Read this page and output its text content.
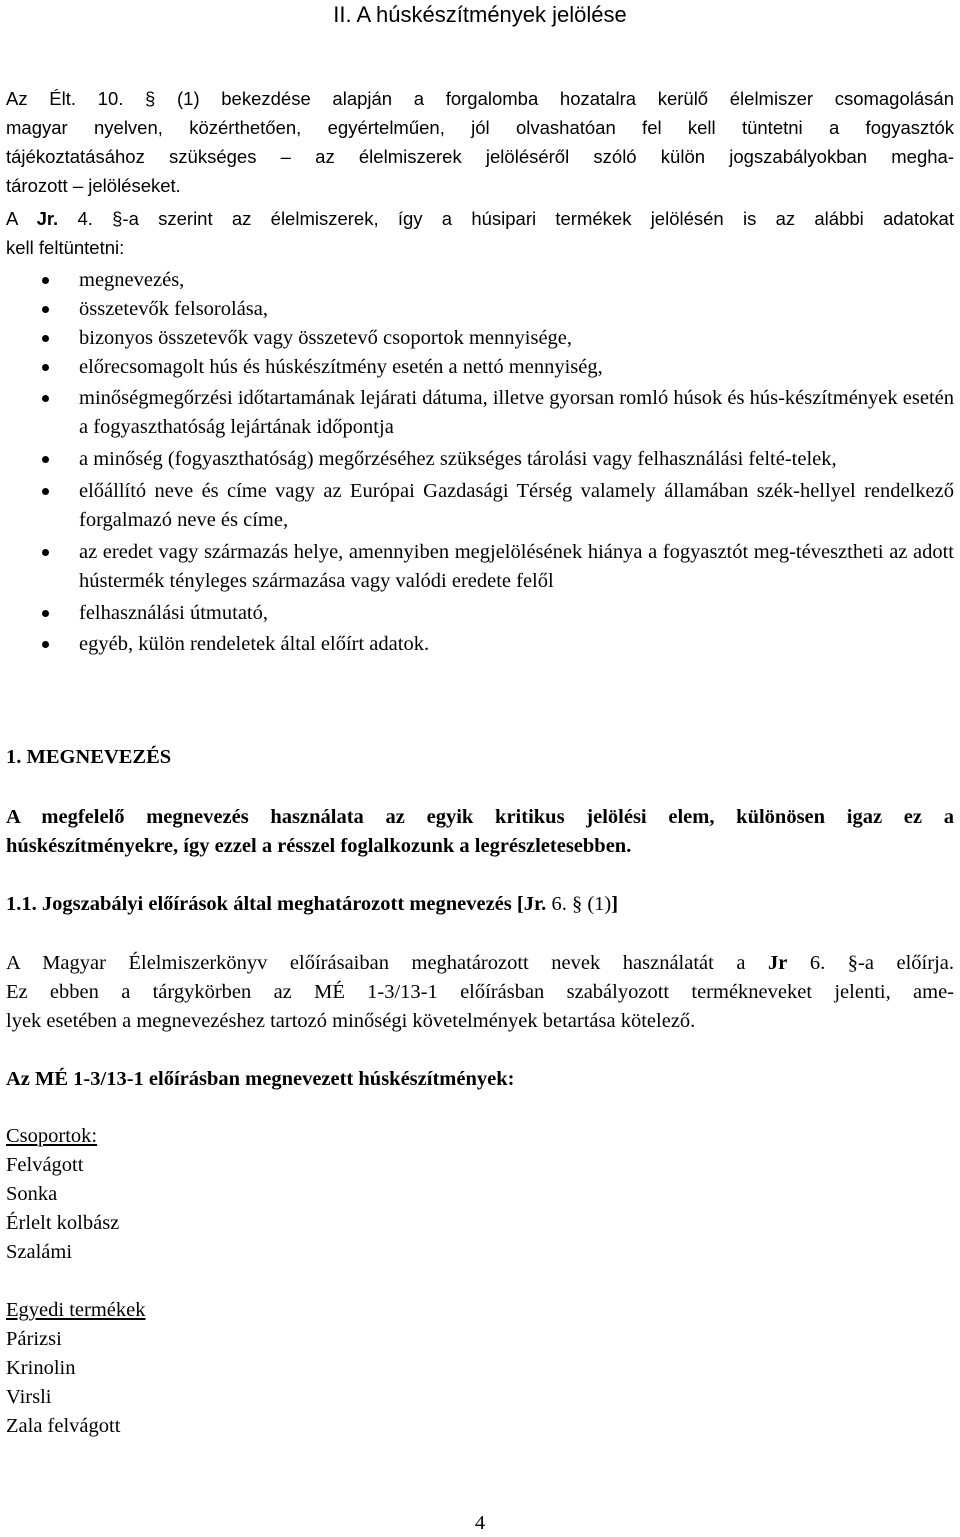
II. A húskészítmények jelölése
Az Élt. 10. § (1) bekezdése alapján a forgalomba hozatalra kerülő élelmiszer csomagolásán
magyar nyelven, közérthetően, egyértelműen, jól olvashatóan fel kell tüntetni a fogyasztók
tájékoztatásához szükséges – az élelmiszerek jelöléséről szóló külön jogszabályokban megha-
tározott – jelöléseket.
A Jr. 4. §-a szerint az élelmiszerek, így a húsipari termékek jelölésén is az alábbi adatokat
kell feltüntetni:
megnevezés,
összetevők felsorolása,
bizonyos összetevők vagy összetevő csoportok mennyisége,
előrecsomagolt hús és húskészítmény esetén a nettó mennyiség,
minőségmegőrzési időtartamának lejárati dátuma, illetve gyorsan romló húsok és hús-készítmények esetén a fogyaszthatóság lejártának időpontja
a minőség (fogyaszthatóság) megőrzéséhez szükséges tárolási vagy felhasználási felté-telek,
előállító neve és címe vagy az Európai Gazdasági Térség valamely államában szék-hellyel rendelkező forgalmazó neve és címe,
az eredet vagy származás helye, amennyiben megjelölésének hiánya a fogyasztót meg-téveszthetі az adott hústermék tényleges származása vagy valódi eredete felől
felhasználási útmutató,
egyéb, külön rendeletek által előírt adatok.
1. MEGNEVEZÉS
A megfelelő megnevezés használata az egyik kritikus jelölési elem, különösen igaz ez a
húskészítményekre, így ezzel a résszel foglalkozunk a legrészletesebben.
1.1. Jogszabályi előírások által meghatározott megnevezés [Jr. 6. § (1)]
A Magyar Élelmiszerkönyv előírásaiban meghatározott nevek használatát a Jr 6. §-a előírja.
Ez ebben a tárgykörben az MÉ 1-3/13-1 előírásban szabályozott termékneveket jelenti, ame-
lyek esetében a megnevezéshez tartozó minőségi követelmények betartása kötelező.
Az MÉ 1-3/13-1 előírásban megnevezett húskészítmények:
Csoportok:
Felvágott
Sonka
Érlelt kolbász
Szalámi
Egyedi termékek
Párizsi
Krinolin
Virsli
Zala felvágott
4
